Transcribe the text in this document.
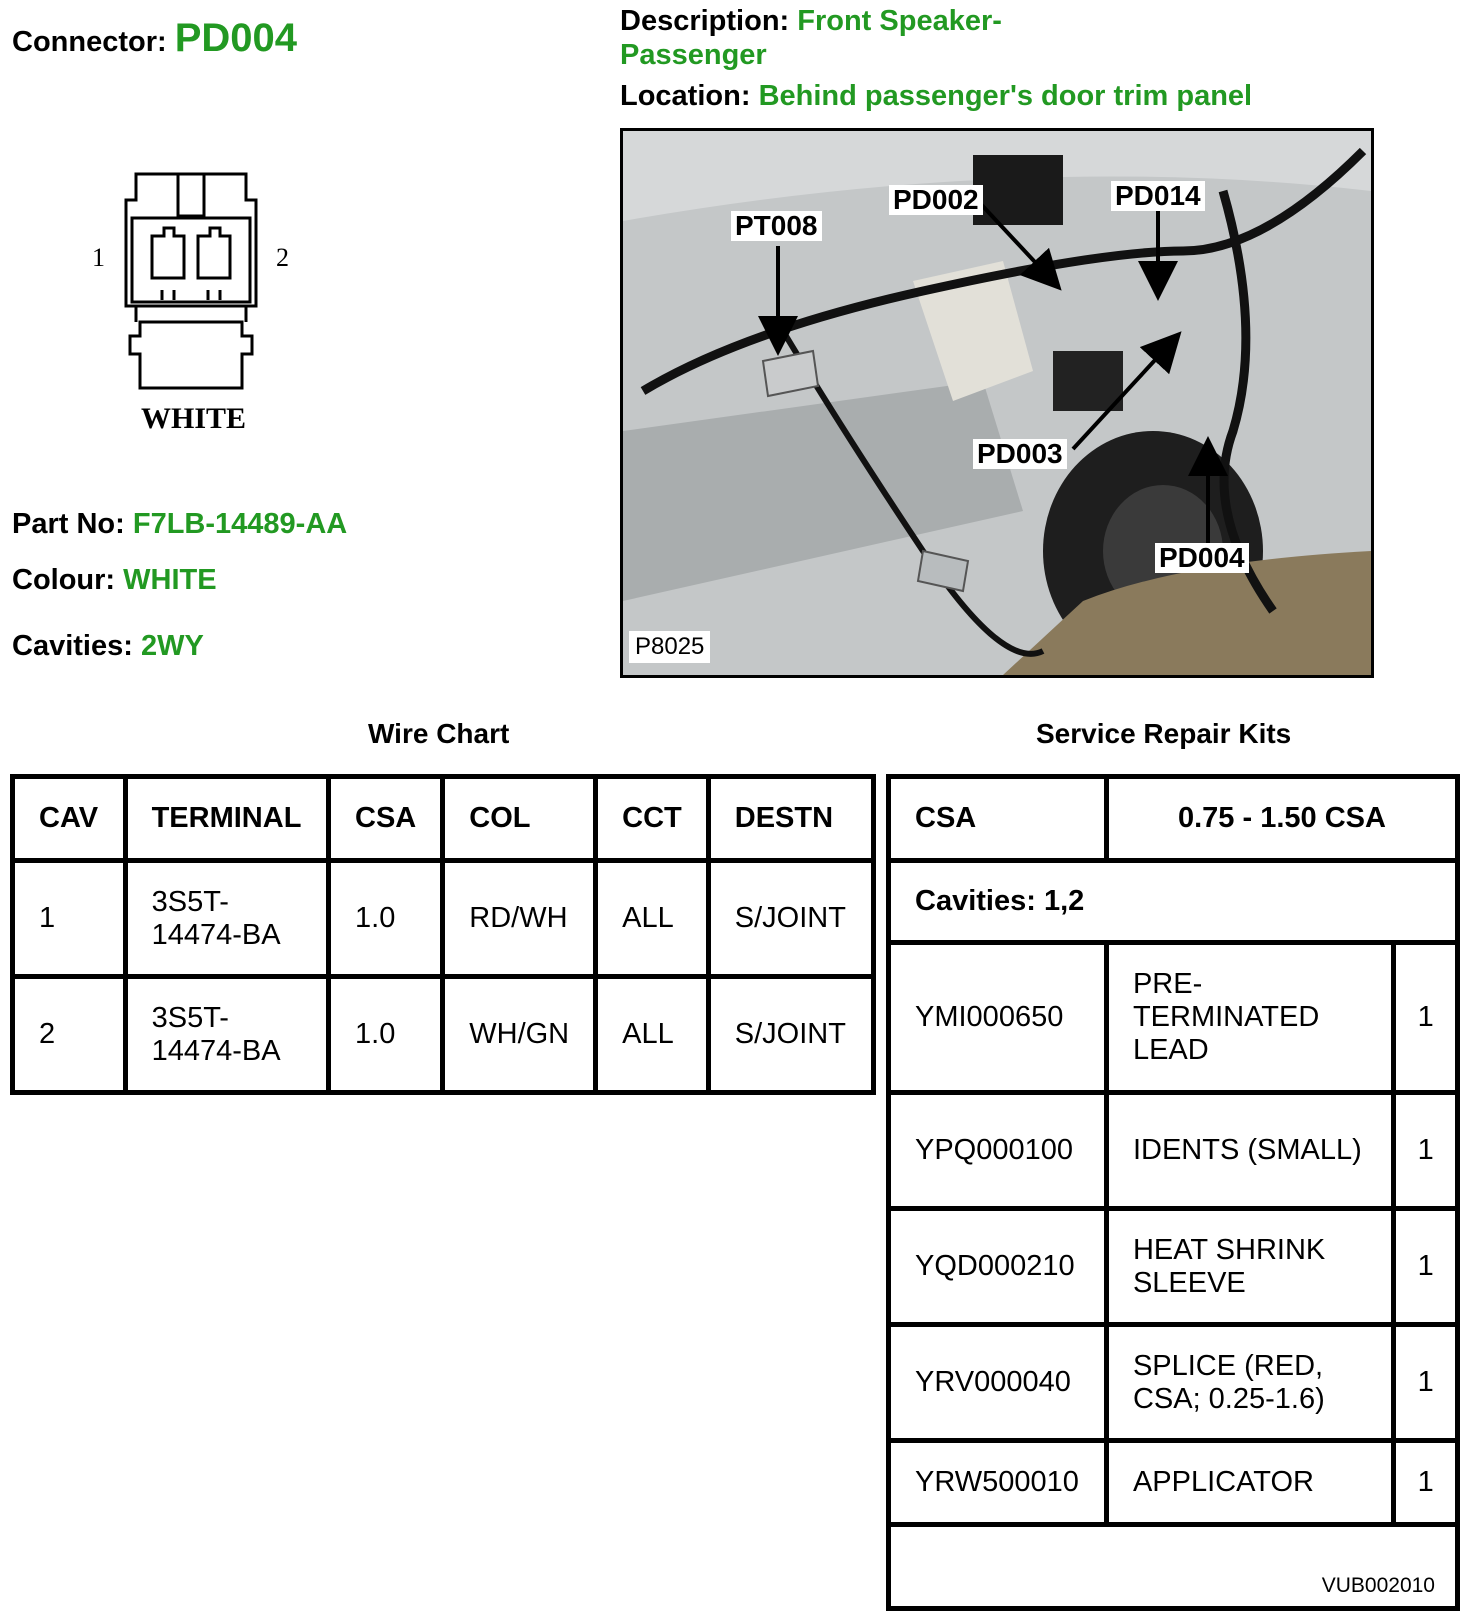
Connector: PD004	Description: Front Speaker- Passenger
Location: Behind passenger's door trim panel
1	2
WHITE
Part No: F7LB-14489-AA
Colour: WHITE
Cavities: 2WY
PT008
PD002	PD014
PD003
PD004
P8025
Wire Chart	Service Repair Kits
CAV	TERMINAL	CSA	COL	CCT	DESTN
1	3S5T-14474-BA	1.0	RD/WH	ALL	S/JOINT
2	3S5T-14474-BA	1.0	WH/GN	ALL	S/JOINT
CSA	0.75 - 1.50 CSA	
Cavities: 1,2		
YMI000650	PRE-TERMINATED LEAD	1
YPQ000100	IDENTS (SMALL)	1
YQD000210	HEAT SHRINK SLEEVE	1
YRV000040	SPLICE (RED, CSA; 0.25-1.6)	1
YRW500010	APPLICATOR	1
VUB002010		
